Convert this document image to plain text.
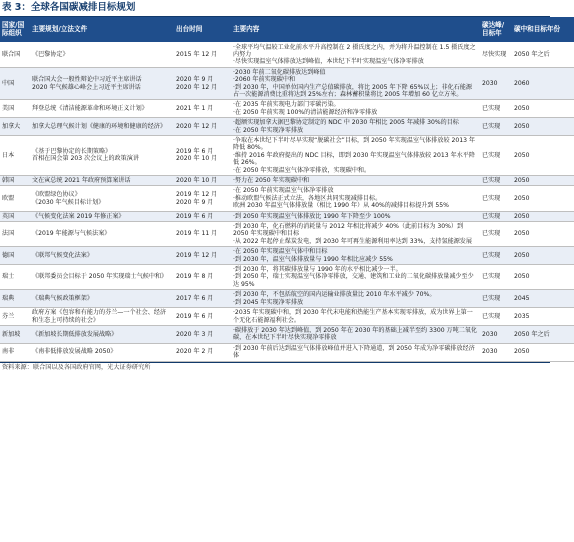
表 3：全球各国碳减排目标规划
国家/国际组织	主要规划/立法文件	出台时间	主要内容	碳达峰/目标年	碳中和目标年份
联合国	《巴黎协定》	2015 年 12 月	·全球平均气温较工业化前水平升高控制在 2 摄氏度之内，并为将升温控制在 1.5 摄氏度之内努力
·尽快实现温室气体排放达到峰值，本世纪下半叶实现温室气体净零排放	尽快实现	2050 年之后
中国	联合国大会一般性辩论中习近平主席讲话
2020 年气候雄心峰会上习近平主席讲话	2020 年 9 月
2020 年 12 月	·2030 年前二氧化碳排放达到峰值
·2060 年前实现碳中和
·到 2030 年，中国单位国内生产总值碳排放，将比 2005 年下降 65%以上；非化石能源占一次能源消费比重将达到 25%左右；森林蓄积量将比 2005 年增加 60 亿立方米。	2030	2060
美国	拜登总统《清洁能源革命和环境正义计划》	2021 年 1 月	·在 2035 年前实现电力部门零碳污染。
·在 2050 年前实现 100%的清洁能源经济和净零排放	已实现	2050
加拿大	加拿大总理气候计划《健康的环境和健康的经济》	2020 年 12 月	·超额实现加拿大据巴黎协定制定的 NDC 中 2030 年相比 2005 年减排 30%的目标
·在 2050 年实现净零排放	已实现	2050
日本	《基于巴黎协定的长期策略》
首相在国会第 203 次会议上的政策演讲	2019 年 6 月
2020 年 10 月	·争取在本世纪下半叶尽早实现“脱碳社会”目标，到 2050 年实现温室气体排放较 2013 年降低 80%。
·维持 2016 年政府提出的 NDC 目标，即到 2030 年实现温室气体排放较 2013 年水平降低 26%。
·在 2050 年实现温室气体净零排放，实现碳中和。	已实现	2050
韩国	文在寅总统 2021 年政府预算案讲话	2020 年 10 月	·努力在 2050 年实现碳中和	已实现	2050
欧盟	《欧盟绿色协议》
《2030 年气候目标计划》	2019 年 12 月
2020 年 9 月	·在 2050 年前实现温室气体净零排放
·推动欧盟气候法正式立法，各地区共同实现减排目标。
欧洲 2030 年温室气体排放量（相比 1990 年）从 40%的减排目标提升到 55%	已实现	2050
英国	《气候变化法案 2019 年修正案》	2019 年 6 月	·到 2050 年实现温室气体排放比 1990 年下降至少 100%	已实现	2050
法国	《2019 年能源与气候法案》	2019 年 11 月	·到 2030 年，化石燃料的消耗量与 2012 年相比将减少 40%（此前目标为 30%）到 2050 年实现碳中和目标
·从 2022 年起停止煤炭发电，到 2030 年可再生能源利用率达到 33%，支持氢能源发展	已实现	2050
德国	《联邦气候变化法案》	2019 年 12 月	·在 2050 年实现温室气体中和目标
·到 2030 年，温室气体排放量与 1990 年相比应减少 55%	已实现	2050
瑞士	《联邦委员会目标于 2050 年实现瑞士气候中和》	2019 年 8 月	·到 2030 年，将其碳排放量与 1990 年的水平相比减少一半。
·到 2050 年，瑞士实现温室气体净零排放，交通、建筑和工业的二氧化碳排放量减少至少达 95%	已实现	2050
瑞典	《瑞典气候政策框架》	2017 年 6 月	·到 2030 年，不包括航空的国内运输业排放量比 2010 年水平减少 70%。
·到 2045 年实现净零排放	已实现	2045
芬兰	政府方案《包容和有能力的芬兰—一个社会、经济和生态上可持续的社会》	2019 年 6 月	·2035 年实现碳中和，到 2030 年代末电能和热能生产基本实现零排放，成为世界上第一个无化石能源福利社会。	已实现	2035
新加坡	《新加坡长期低排放发展战略》	2020 年 3 月	·碳排放于 2030 年达到峰值，到 2050 年在 2030 年的基础上减半至约 3300 万吨二氧化碳，在本世纪下半叶尽快实现净零排放	2030	2050 年之后
南非	《南非低排放发展战略 2050》	2020 年 2 月	·到 2030 年前后达到温室气体排放峰值并进入下降通道，到 2050 年成为净零碳排放经济体	2030	2050
资料来源：联合国以及各国政府官网，光大证券研究所
